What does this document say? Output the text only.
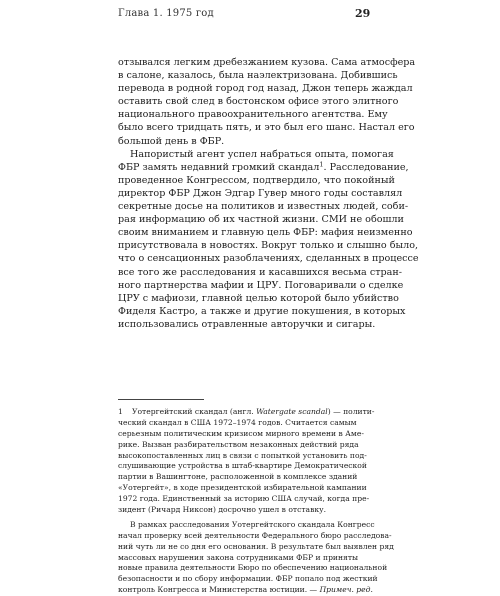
Глава 1. 1975 год	29
отзывался легким дребезжанием кузова. Сама атмосфера
в салоне, казалось, была наэлектризована. Добившись
перевода в родной город год назад, Джон теперь жаждал
оставить свой след в бостонском офисе этого элитного
национального правоохранительного агентства. Ему
было всего тридцать пять, и это был его шанс. Настал его
большой день в ФБР.
Напористый агент успел набраться опыта, помогая
ФБР замять недавний громкий скандал$^1$. Расследование,
проведенное Конгрессом, подтвердило, что покойный
директор ФБР Джон Эдгар Гувер много годы составлял
секретные досье на политиков и известных людей, соби-
рая информацию об их частной жизни. СМИ не обошли
своим вниманием и главную цель ФБР: мафия неизменно
присутствовала в новостях. Вокруг только и слышно было,
что о сенсационных разоблачениях, сделанных в процессе
все того же расследования и касавшихся весьма стран-
ного партнерства мафии и ЦРУ. Поговаривали о сделке
ЦРУ с мафиози, главной целью которой было убийство
Фиделя Кастро, а также и другие покушения, в которых
использовались отравленные авторучки и сигары.
1 Уотергейтский скандал (англ. Watergate scandal) — полити-
ческий скандал в США 1972–1974 годов. Считается самым
серьезным политическим кризисом мирного времени в Аме-
рике. Вызван разбирательством незаконных действий ряда
высокопоставленных лиц в связи с попыткой установить под-
слушивающие устройства в штаб-квартире Демократической
партии в Вашингтоне, расположенной в комплексе зданий
«Уотергейт», в ходе президентской избирательной кампании
1972 года. Единственный за историю США случай, когда пре-
зидент (Ричард Никсон) досрочно ушел в отставку.
В рамках расследования Уотергейтского скандала Конгресс
начал проверку всей деятельности Федерального бюро расследова-
ний чуть ли не со дня его основания. В результате был выявлен ряд
массовых нарушения закона сотрудниками ФБР и приняты
новые правила деятельности Бюро по обеспечению национальной
безопасности и по сбору информации. ФБР попало под жесткий
контроль Конгресса и Министерства юстиции. — Примеч. ред.
